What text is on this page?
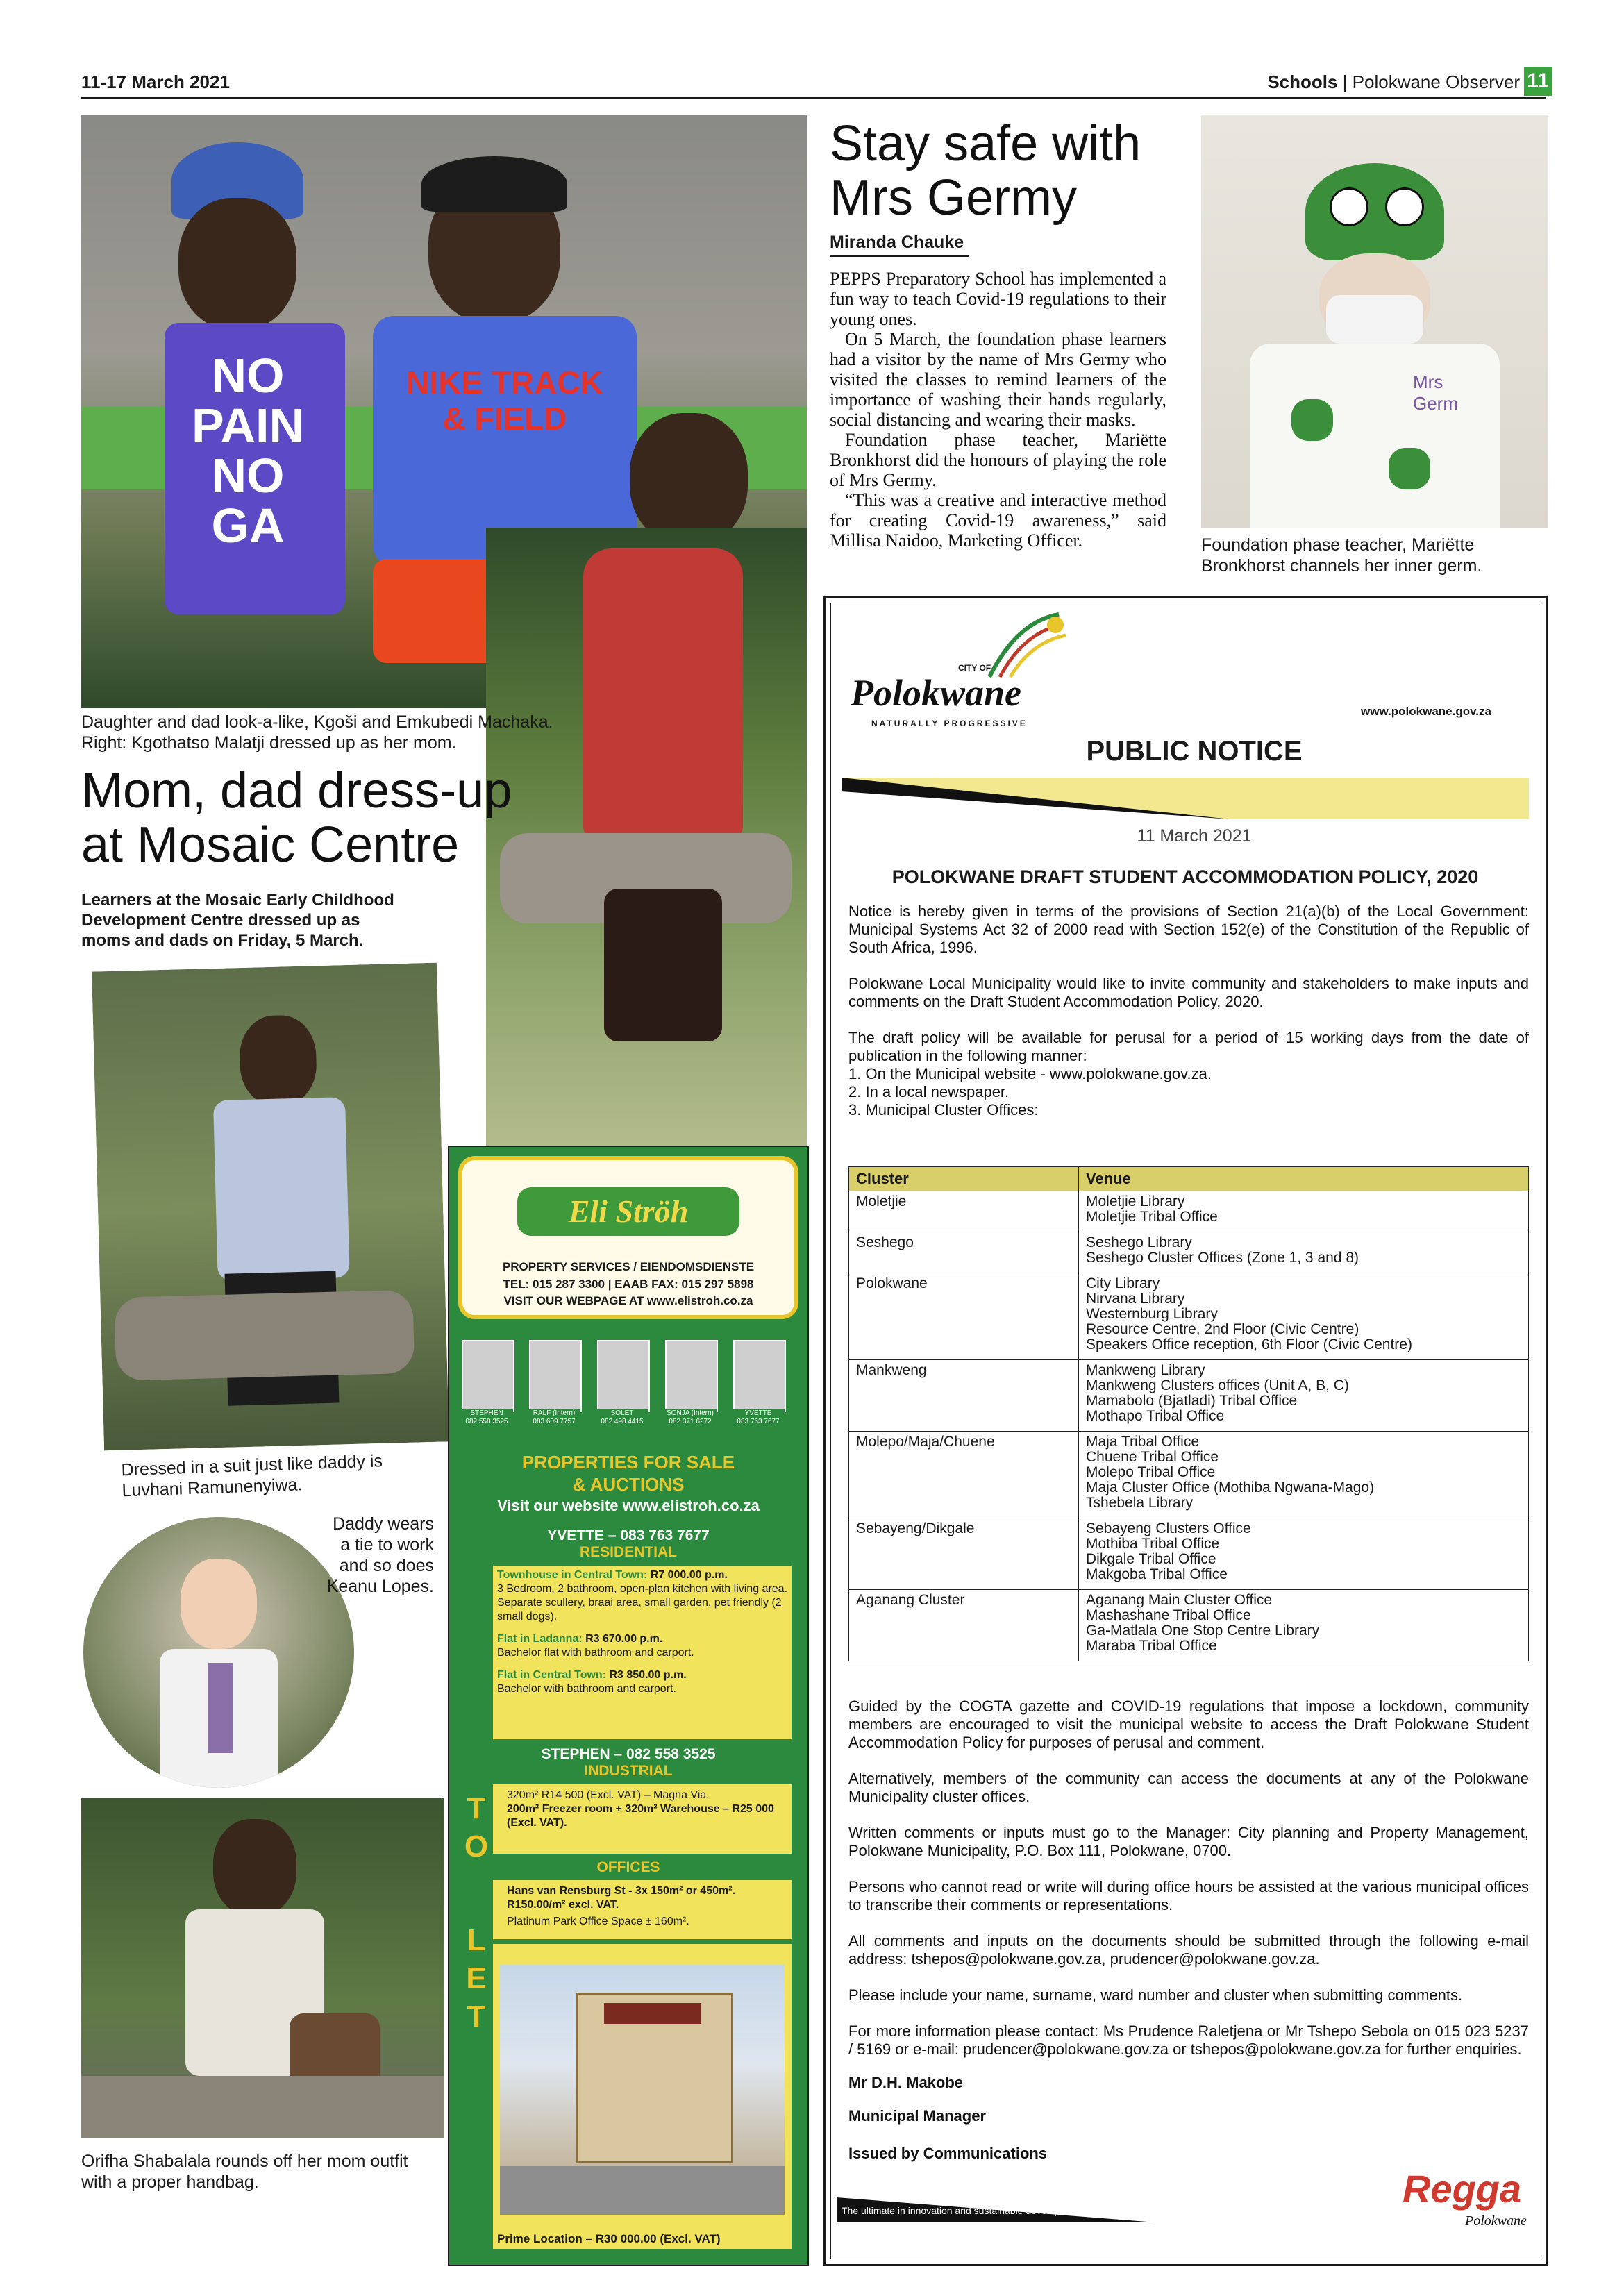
11-17 March 2021	Schools | Polokwane Observer 11
NIKE TRACK & FIELD
NO PAIN NO GA
Daughter and dad look-a-like, Kgoši and Emkubedi Machaka. Right: Kgothatso Malatji dressed up as her mom.
Mom, dad dress-up at Mosaic Centre
Learners at the Mosaic Early Childhood Development Centre dressed up as moms and dads on Friday, 5 March.
Dressed in a suit just like daddy is Luvhani Ramunenyiwa.
Daddy wears a tie to work and so does Keanu Lopes.
Orifha Shabalala rounds off her mom outfit with a proper handbag.
Stay safe with Mrs Germy
Miranda Chauke

PEPPS Preparatory School has implemented a fun way to teach Covid-19 regulations to their young ones.

On 5 March, the foundation phase learners had a visitor by the name of Mrs Germy who visited the classes to remind learners of the importance of washing their hands regularly, social distancing and wearing their masks.

Foundation phase teacher, Mariëtte Bronkhorst did the honours of playing the role of Mrs Germy.

“This was a creative and interactive method for creating Covid-19 awareness,” said Millisa Naidoo, Marketing Officer.

Mrs Germ
Foundation phase teacher, Mariëtte Bronkhorst channels her inner germ.
Eli Ströh
PROPERTY SERVICES / EIENDOMSDIENSTE
TEL: 015 287 3300 | EAAB FAX: 015 297 5898
VISIT OUR WEBPAGE AT www.elistroh.co.za
STEPHEN
082 558 3525
RALF (Intern)
083 609 7757
SOLET
082 498 4415
SONJA (Intern)
082 371 6272
YVETTE
083 763 7677
PROPERTIES FOR SALE
& AUCTIONS
Visit our website www.elistroh.co.za
YVETTE – 083 763 7677
RESIDENTIAL
Townhouse in Central Town: R7 000.00 p.m.
3 Bedroom, 2 bathroom, open-plan kitchen with living area. Separate scullery, braai area, small garden, pet friendly (2 small dogs).
Flat in Ladanna: R3 670.00 p.m.
Bachelor flat with bathroom and carport.
Flat in Central Town: R3 850.00 p.m.
Bachelor with bathroom and carport.
STEPHEN – 082 558 3525
INDUSTRIAL
320m² R14 500 (Excl. VAT) – Magna Via.
200m² Freezer room + 320m² Warehouse – R25 000 (Excl. VAT).
OFFICES
Hans van Rensburg St - 3x 150m² or 450m². R150.00/m² excl. VAT.
Platinum Park Office Space ± 160m².
T
O
L
E
T
Prime Location – R30 000.00 (Excl. VAT)
CITY OF
Polokwane
NATURALLY PROGRESSIVE
www.polokwane.gov.za
PUBLIC NOTICE
11 March 2021
POLOKWANE DRAFT STUDENT ACCOMMODATION POLICY, 2020

Notice is hereby given in terms of the provisions of Section 21(a)(b) of the Local Government: Municipal Systems Act 32 of 2000 read with Section 152(e) of the Constitution of the Republic of South Africa, 1996.

Polokwane Local Municipality would like to invite community and stakeholders to make inputs and comments on the Draft Student Accommodation Policy, 2020.

The draft policy will be available for perusal for a period of 15 working days from the date of publication in the following manner:

1. On the Municipal website - www.polokwane.gov.za.
2. In a local newspaper.
3. Municipal Cluster Offices:
Cluster	Venue
Moletjie	Moletjie Library
Moletjie Tribal Office

Seshego	Seshego Library
Seshego Cluster Offices (Zone 1, 3 and 8)

Polokwane	City Library
Nirvana Library
Westernburg Library
Resource Centre, 2nd Floor (Civic Centre)
Speakers Office reception, 6th Floor (Civic Centre)

Mankweng	Mankweng Library
Mankweng Clusters offices (Unit A, B, C)
Mamabolo (Bjatladi) Tribal Office
Mothapo Tribal Office

Molepo/Maja/Chuene	Maja Tribal Office
Chuene Tribal Office
Molepo Tribal Office
Maja Cluster Office (Mothiba Ngwana-Mago)
Tshebela Library

Sebayeng/Dikgale	Sebayeng Clusters Office
Mothiba Tribal Office
Dikgale Tribal Office
Makgoba Tribal Office

Aganang Cluster	Aganang Main Cluster Office
Mashashane Tribal Office
Ga-Matlala One Stop Centre Library
Maraba Tribal Office

Guided by the COGTA gazette and COVID-19 regulations that impose a lockdown, community members are encouraged to visit the municipal website to access the Draft Polokwane Student Accommodation Policy for purposes of perusal and comment.

Alternatively, members of the community can access the documents at any of the Polokwane Municipality cluster offices.

Written comments or inputs must go to the Manager: City planning and Property Management, Polokwane Municipality, P.O. Box 111, Polokwane, 0700.

Persons who cannot read or write will during office hours be assisted at the various municipal offices to transcribe their comments or representations.

All comments and inputs on the documents should be submitted through the following e-mail address: tshepos@polokwane.gov.za, prudencer@polokwane.gov.za.

Please include your name, surname, ward number and cluster when submitting comments.

For more information please contact: Ms Prudence Raletjena or Mr Tshepo Sebola on 015 023 5237 / 5169 or e-mail: prudencer@polokwane.gov.za or tshepos@polokwane.gov.za for further enquiries.

Mr D.H. Makobe
Municipal Manager
Issued by Communications
The ultimate in innovation and sustainable development	Regga
Polokwane
